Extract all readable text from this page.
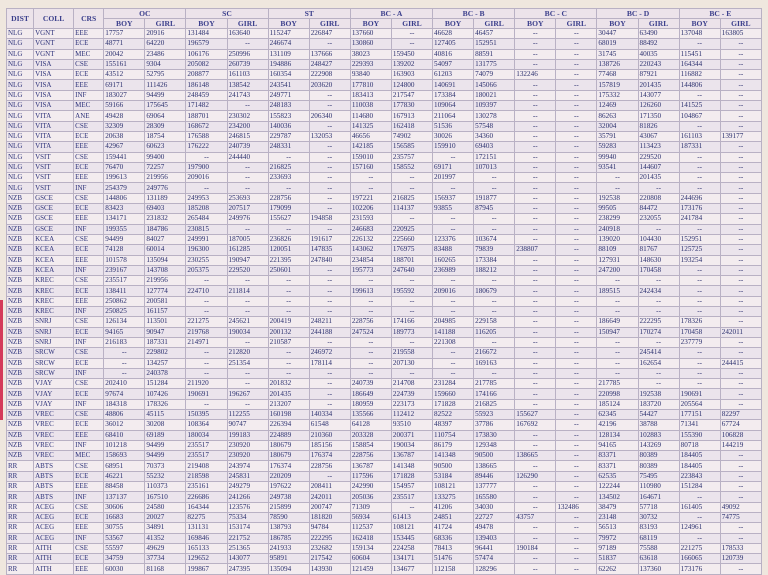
DIST	COLL	CRS	OC		SC		ST		BC - A		BC - B		BC - C		BC - D		BC - E	
			BOY	GIRL	BOY	GIRL	BOY	GIRL	BOY	GIRL	BOY	GIRL	BOY	GIRL	BOY	GIRL	BOY	GIRL
NLG	VGNT	EEE	17757	20916	131484	163640	115247	226847	137660	--	46628	46457	--	--	30447	63490	137048	163805
NLG	VGNT	ECE	48771	64220	196579	--	246674	--	130860	--	127405	152951	--	--	68019	88492	--	--
NLG	VGNT	MEC	20042	23486	106176	250996	131109	137666	38023	159450	40816	88591	--	--	31745	40035	115451	--
NLG	VISA	CSE	155161	9304	205082	260739	194886	248427	229393	139202	54097	131775	--	--	138726	220243	164344	--
NLG	VISA	ECE	43512	52795	208877	161103	160354	222908	93840	163903	61203	74079	132246	--	77468	87921	116882	--
NLG	VISA	EEE	69171	111426	186148	138542	243541	203620	177810	124800	140691	145066	--	--	157819	201435	144806	--
NLG	VISA	INF	183027	94499	248459	241743	249771	--	183413	217547	173384	180021	--	--	175332	143077	--	--
NLG	VISA	MEC	59166	175645	171482	--	248183	--	110038	177830	109064	109397	--	--	12469	126260	141525	--
NLG	VITA	ANE	49428	69064	188701	230302	155823	206340	114680	167913	211064	130278	--	--	86263	171350	104867	--
NLG	VITA	CSE	32309	28309	168672	234200	140036	--	141325	162418	51536	57548	--	--	32004	81826	--	--
NLG	VITA	ECE	20638	18754	176588	246815	229787	132053	46656	74902	30026	34360	--	--	35791	43067	161103	139177
NLG	VITA	EEE	42967	60623	176222	240739	248331	--	142185	156585	159910	69403	--	--	59283	113423	187331	--
NLG	VSIT	CSE	159441	99400	--	244440	--	--	159010	235757	--	172151	--	--	99940	229520	--	--
NLG	VSIT	ECE	76470	72257	197900	--	216825	--	157160	158552	69171	107013	--	--	93541	144607	--	--
NLG	VSIT	EEE	199613	219956	209016	--	233693	--	--	--	201997	--	--	--	--	201435	--	--
NLG	VSIT	INF	254379	249776	--	--	--	--	--	--	--	--	--	--	--	--	--	--
NZB	GSCE	CSE	144806	131189	249953	253693	228756	--	197221	216825	156937	191877	--	--	192538	220808	244696	--
NZB	GSCE	ECE	83423	69403	185208	207517	179099	--	102206	114137	93855	87945	--	--	99505	84472	173176	--
NZB	GSCE	EEE	134171	231832	265484	249976	155627	194858	231593	--	--	--	--	--	238299	232055	241784	--
NZB	GSCE	INF	199355	184786	230815	--	--	--	246683	220925	--	--	--	--	240918	--	--	--
NZB	KCEA	CSE	94499	84027	249991	187005	236826	191617	226132	225660	123376	103674	--	--	139020	104430	152951	--
NZB	KCEA	ECE	74128	60014	196300	161285	120051	147835	143062	176975	83488	79839	238807	--	88109	81767	125725	--
NZB	KCEA	EEE	101578	135094	230255	190947	221395	247840	234854	188701	160265	173384	--	--	127931	148630	193254	--
NZB	KCEA	INF	239167	143708	205375	229520	250601	--	195773	247640	236989	188212	--	--	247200	170458	--	--
NZB	KREC	CSE	235517	219956	--	--	--	--	--	--	--	--	--	--	--	--	--	--
NZB	KREC	ECE	138411	127774	224710	211814	--	--	199613	195592	209016	180679	--	--	189515	242434	--	--
NZB	KREC	EEE	250862	200581	--	--	--	--	--	--	--	--	--	--	--	--	--	--
NZB	KREC	INF	250825	161157	--	--	--	--	--	--	--	--	--	--	--	--	--	--
NZB	SNRJ	CSE	126134	113501	221275	245621	200419	248211	228756	174166	204985	229158	--	--	186649	222295	178326	--
NZB	SNRJ	ECE	94165	90947	219768	190034	200132	244188	247524	189773	141188	116205	--	--	150947	170274	170458	242011
NZB	SNRJ	INF	216183	187331	214971	--	210587	--	--	--	221308	--	--	--	--	--	237779	--
NZB	SRCW	CSE	--	229802	--	212820	--	246972	--	219558	--	216672	--	--	--	245414	--	--
NZB	SRCW	ECE	--	134257	--	251354	--	178114	--	207130	--	169163	--	--	--	162654	--	244415
NZB	SRCW	INF	--	240378	--	--	--	--	--	--	--	--	--	--	--	--	--	--
NZB	VJAY	CSE	202410	151284	211920	--	201832	--	240739	214708	231284	217785	--	--	217785	--	--	--
NZB	VJAY	ECE	97674	107426	190691	196267	201435	--	186649	224739	159660	174166	--	--	220998	192538	190691	--
NZB	VJAY	INF	184318	178326	--	--	213207	--	180959	223173	171828	216825	--	--	185124	183720	205564	--
NZB	VREC	CSE	48806	45115	150395	112255	160198	140334	135566	112412	82522	55923	155627	--	62345	54427	177151	82297
NZB	VREC	ECE	36012	30208	108364	90747	226394	61548	64128	93510	48397	37786	167692	--	42196	38788	71341	67724
NZB	VREC	EEE	68410	69189	180034	199183	224889	210360	203328	200371	110754	173830	--	--	128134	102883	155390	106828
NZB	VREC	INF	101218	94499	235517	230920	180679	185156	158854	190034	86179	129348	--	--	94165	143269	80718	144219
NZB	VREC	MEC	158693	94499	235517	230920	180679	176374	228756	136787	141348	90500	138665	--	83371	80389	184405	--
RR	ABTS	CSE	68951	70373	219408	243974	176374	228756	136787	141348	90500	138665	--	--	83371	80389	184405	--
RR	ABTS	ECE	46221	55232	218598	245831	220209	--	117596	171828	53184	89446	126290	--	62535	75495	223843	--
RR	ABTS	EEE	88458	110373	235161	249279	197622	208411	242990	154957	108121	137777	--	--	122244	110980	151284	--
RR	ABTS	INF	137137	167510	226686	241266	249738	242011	205036	235517	133275	165580	--	--	134502	164671	--	--
RR	ACEG	CSE	30606	24580	164344	123576	215899	200747	71309	--	41206	34030	--	132486	38479	57718	161405	49092
RR	ACEG	ECE	16683	20027	82275	75334	78590	181820	56934	61413	24851	22727	43757	--	23148	30732	--	74775
RR	ACEG	EEE	30755	34891	131131	153174	138793	94784	112537	108121	41724	49478	--	--	56513	83193	124961	--
RR	ACEG	INF	53567	41352	169846	221752	186785	222295	162418	153445	68336	139403	--	--	79972	68119	--	--
RR	AITH	CSE	55597	49629	165133	251365	241933	232682	159134	224258	78413	96441	190184	--	97189	75588	221275	178533
RR	AITH	ECE	34759	37734	129652	143077	95891	217542	60604	134171	51476	57474	--	--	51837	63618	166065	120739
RR	AITH	EEE	60030	81168	199867	247395	135094	143930	121459	134677	112158	128296	--	--	62262	137360	173176	--
